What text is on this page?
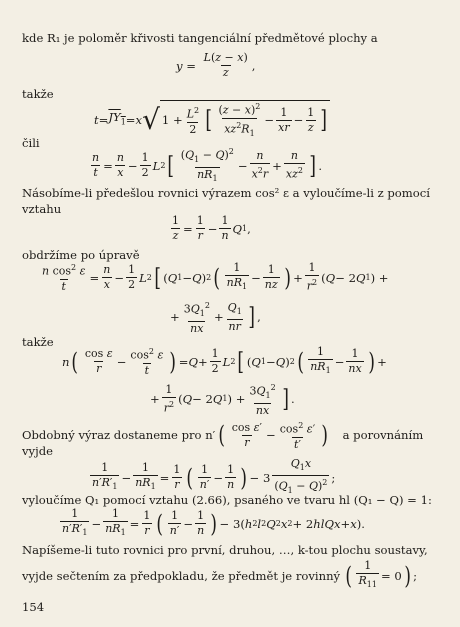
kde R₁ je poloměr křivosti tangenciální předmětové plochy a
$y = \frac{L(z - x)}{z}$ ,
takže
$t = JY_1 = x$ √ $1 + \frac{L^2}{2}$ [ $\frac{(z - x)^2}{xz^2R_1} - \frac{1}{xr} - \frac{1}{z}$ ]
čili
$\frac{n}{t} = \frac{n}{x} - \frac{1}{2}$ L 2 [ $\frac{(Q_1 - Q)^2}{nR_1} - \frac{n}{x^2r} + \frac{n}{xz^2}$ ] .
Násobíme-li předešlou rovnici výrazem cos² ε a vyloučíme-li z pomocí
vztahu
$\frac{1}{z} = \frac{1}{r} - \frac{1}{n}$ Q 1 ,
obdržíme po úpravě
$\frac{n \cos^2 \varepsilon}{t} = \frac{n}{x} - \frac{1}{2}$ L 2 [ ( Q 1 − Q ) 2 ( $\frac{1}{nR_1} - \frac{1}{nz}$ ) + $\frac{1}{r^2}$ ( Q − 2 Q 1 ) +
+ $\frac{3Q_1^2}{nx} + \frac{Q_1}{nr}$ ] ,
takže
n ( $\frac{\text{cos ε}}{r} - \frac{\cos^2 \varepsilon}{t}$ ) = $Q + \frac{1}{2}$ L 2 [ ( Q 1 − Q ) 2 ( $\frac{1}{nR_1} - \frac{1}{nx}$ ) +
+ $\frac{1}{r^2}$ ( Q − 2 Q 1 ) + $\frac{3Q_1^2}{nx}$ ] .
Obdobný výraz dostaneme pro n′ ( $\frac{\text{cos ε′}}{r} - \frac{\cos^2 \varepsilon'}{t'}$ ) a porovnáním
vyjde
$\frac{1}{n'R'_1} - \frac{1}{nR_1} = \frac{1}{r}$ ( $\frac{1}{n'} - \frac{1}{n}$ ) − $3 \frac{Q_1x}{(Q_1 - Q)^2}$ ;
vyloučíme Q₁ pomocí vztahu (2.66), psaného ve tvaru hl (Q₁ − Q) = 1:
$\frac{1}{n'R'_1} - \frac{1}{nR_1} = \frac{1}{r}$ ( $\frac{1}{n'} - \frac{1}{n}$ ) − 3( h 2 l 2 Q 2 x 2 + 2 hlQx + x ).
Napíšeme-li tuto rovnici pro první, druhou, …, k-tou plochu soustavy,
vyjde sečtením za předpokladu, že předmět je rovinný ( $\frac{1}{R_{11}} = 0$ ) ;
154
